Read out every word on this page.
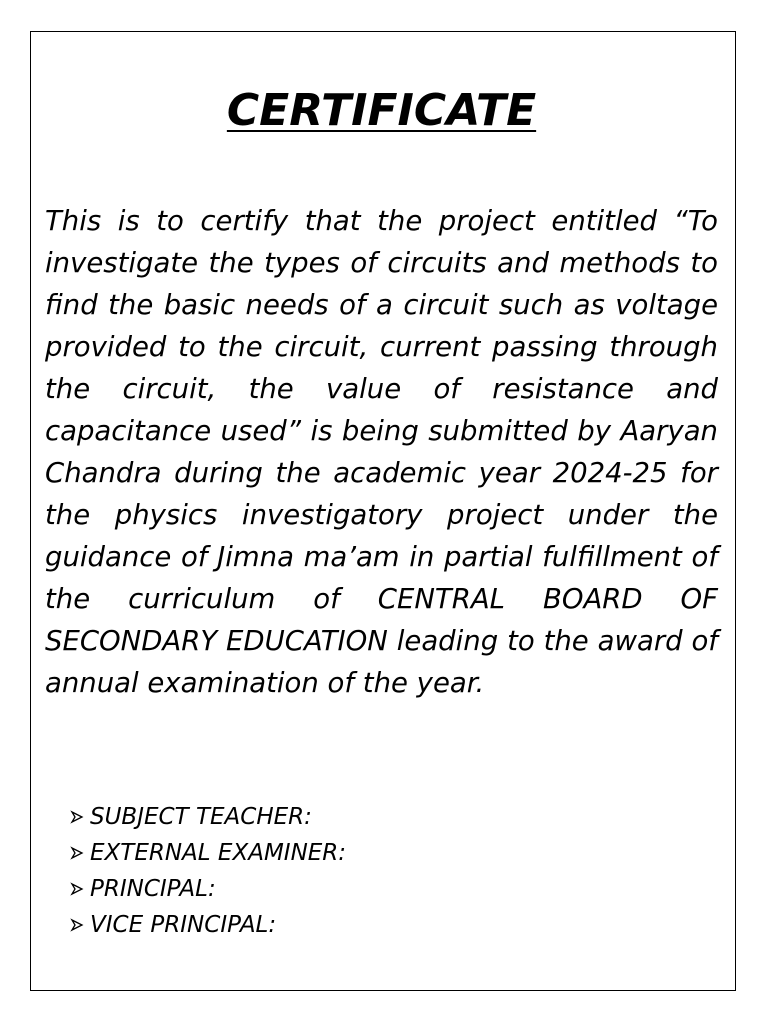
CERTIFICATE

This is to certify that the project entitled “To investigate the types of circuits and methods to find the basic needs of a circuit such as voltage provided to the circuit, current passing through the circuit, the value of resistance and capacitance used” is being submitted by Aaryan Chandra during the academic year 2024-25 for the physics investigatory project under the guidance of Jimna ma’am in partial fulfillment of the curriculum of CENTRAL BOARD OF SECONDARY EDUCATION leading to the award of annual examination of the year.

SUBJECT TEACHER:
EXTERNAL EXAMINER:
PRINCIPAL:
VICE PRINCIPAL:
